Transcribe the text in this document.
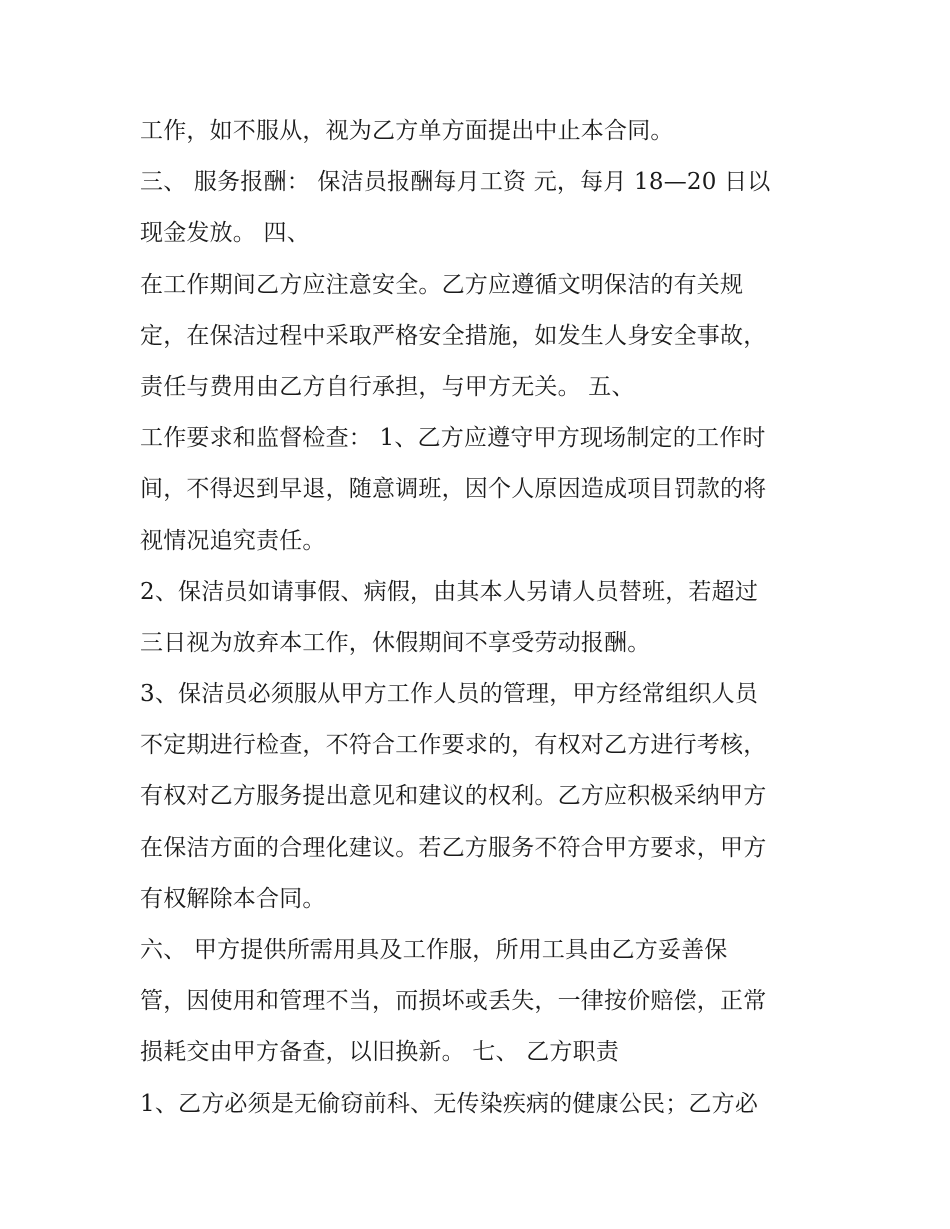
工作，如不服从，视为乙方单方面提出中止本合同。
三、 服务报酬： 保洁员报酬每月工资 元，每月 18—20 日以
现金发放。 四、
在工作期间乙方应注意安全。乙方应遵循文明保洁的有关规
定，在保洁过程中采取严格安全措施，如发生人身安全事故，
责任与费用由乙方自行承担，与甲方无关。 五、
工作要求和监督检查： 1、乙方应遵守甲方现场制定的工作时
间，不得迟到早退，随意调班，因个人原因造成项目罚款的将
视情况追究责任。
2、保洁员如请事假、病假，由其本人另请人员替班，若超过
三日视为放弃本工作，休假期间不享受劳动报酬。
3、保洁员必须服从甲方工作人员的管理，甲方经常组织人员
不定期进行检查，不符合工作要求的，有权对乙方进行考核，
有权对乙方服务提出意见和建议的权利。乙方应积极采纳甲方
在保洁方面的合理化建议。若乙方服务不符合甲方要求，甲方
有权解除本合同。
六、 甲方提供所需用具及工作服，所用工具由乙方妥善保
管，因使用和管理不当，而损坏或丢失，一律按价赔偿，正常
损耗交由甲方备查，以旧换新。 七、 乙方职责
1、乙方必须是无偷窃前科、无传染疾病的健康公民；乙方必
